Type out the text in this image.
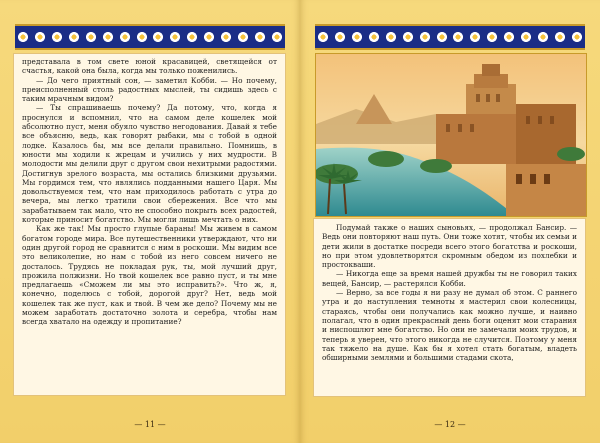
представала в том свете юной красавицей, светящейся от счастья, какой она была, когда мы только поженились.

— До чего приятный сон, — заметил Кобби. — Но почему, преисполненный столь радостных мыслей, ты сидишь здесь с таким мрачным видом?

— Ты спрашиваешь почему? Да потому, что, когда я проснулся и вспомнил, что на самом деле кошелек мой абсолютно пуст, меня обуяло чувство негодования. Давай я тебе все объясню, ведь, как говорят рыбаки, мы с тобой в одной лодке. Казалось бы, мы все делали правильно. Помнишь, в юности мы ходили к жрецам и учились у них мудрости. В молодости мы делили друг с другом свои нехитрыми радостями. Достигнув зрелого возраста, мы остались близкими друзьями. Мы гордимся тем, что являлись подданными нашего Царя. Мы довольствуемся тем, что нам приходилось работать с утра до вечера, мы легко тратили свои сбережения. Все что мы зарабатываем так мало, что не способно покрыть всех радостей, которые приносит богатство. Мы могли лишь мечтать о них.

Как же так! Мы просто глупые бараны! Мы живем в самом богатом городе мира. Все путешественники утверждают, что ни один другой город не сравнится с ним в роскоши. Мы видим все это великолепие, но нам с тобой из него совсем ничего не досталось. Трудясь не покладая рук, ты, мой лучший друг, прожила полжизни. Но твой кошелек все равно пуст, и ты мне предлагаешь «Сможем ли мы это исправить?». Что ж, я, конечно, поделюсь с тобой, дорогой друг? Нет, ведь мой кошелек так же пуст, как и твой. В чем же дело? Почему мы не можем заработать достаточно золота и серебра, чтобы нам всегда хватало на одежду и пропитание?

— 11 —

Подумай также о наших сыновьях, — продолжал Бансир. — Ведь они повторяют наш путь. Они тоже хотят, чтобы их семьи и дети жили в достатке посреди всего этого богатства и роскоши, но при этом удовлетворятся скромным обедом из похлебки и простокваши.

— Никогда еще за время нашей дружбы ты не говорил таких вещей, Бансир, — растерялся Кобби.

— Верно, за все годы я ни разу не думал об этом. С раннего утра и до наступления темноты я мастерил свои колесницы, стараясь, чтобы они получались как можно лучше, и наивно полагал, что в один прекрасный день боги оценят мои старания и ниспошлют мне богатство. Но они не замечали моих трудов, и теперь я уверен, что этого никогда не случится. Поэтому у меня так тяжело на душе. Как бы я хотел стать богатым, владеть обширными землями и большими стадами скота,

— 12 —
